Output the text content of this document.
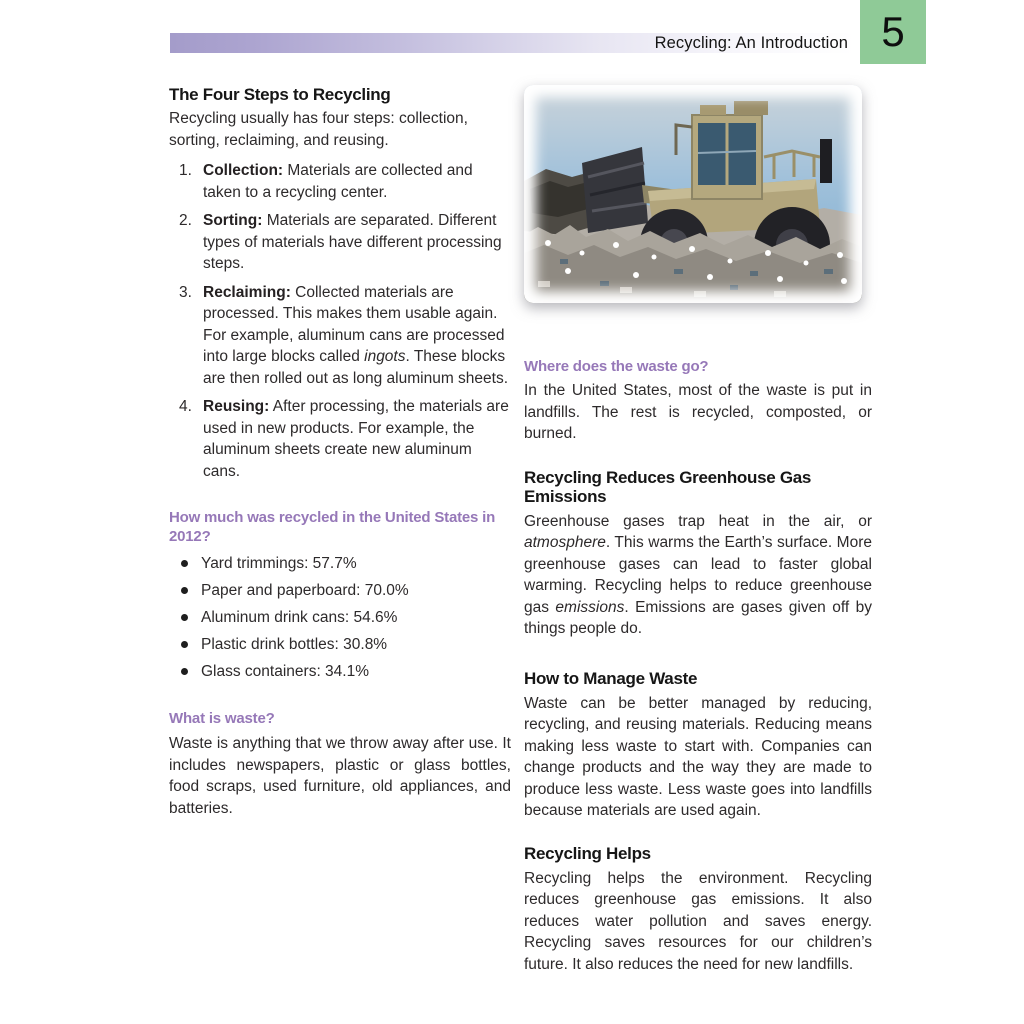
Recycling: An Introduction 5
The Four Steps to Recycling

Recycling usually has four steps: collection, sorting, reclaiming, and reusing.

1. Collection: Materials are collected and taken to a recycling center.

2. Sorting: Materials are separated. Different types of materials have different processing steps.

3. Reclaiming: Collected materials are processed. This makes them usable again. For example, aluminum cans are processed into large blocks called ingots. These blocks are then rolled out as long aluminum sheets.

4. Reusing: After processing, the materials are used in new products. For example, the aluminum sheets create new aluminum cans.

How much was recycled in the United States in 2012?
Yard trimmings: 57.7%
Paper and paperboard: 70.0%
Aluminum drink cans: 54.6%
Plastic drink bottles: 30.8%
Glass containers: 34.1%
What is waste?

Waste is anything that we throw away after use. It includes newspapers, plastic or glass bottles, food scraps, used furniture, old appliances, and batteries.

Where does the waste go?

In the United States, most of the waste is put in landfills. The rest is recycled, composted, or burned.

Recycling Reduces Greenhouse Gas Emissions

Greenhouse gases trap heat in the air, or atmosphere. This warms the Earth’s surface. More greenhouse gases can lead to faster global warming. Recycling helps to reduce greenhouse gas emissions. Emissions are gases given off by things people do.

How to Manage Waste

Waste can be better managed by reducing, recycling, and reusing materials. Reducing means making less waste to start with. Companies can change products and the way they are made to produce less waste. Less waste goes into landfills because materials are used again.

Recycling Helps

Recycling helps the environment. Recycling reduces greenhouse gas emissions. It also reduces water pollution and saves energy. Recycling saves resources for our children’s future. It also reduces the need for new landfills.
